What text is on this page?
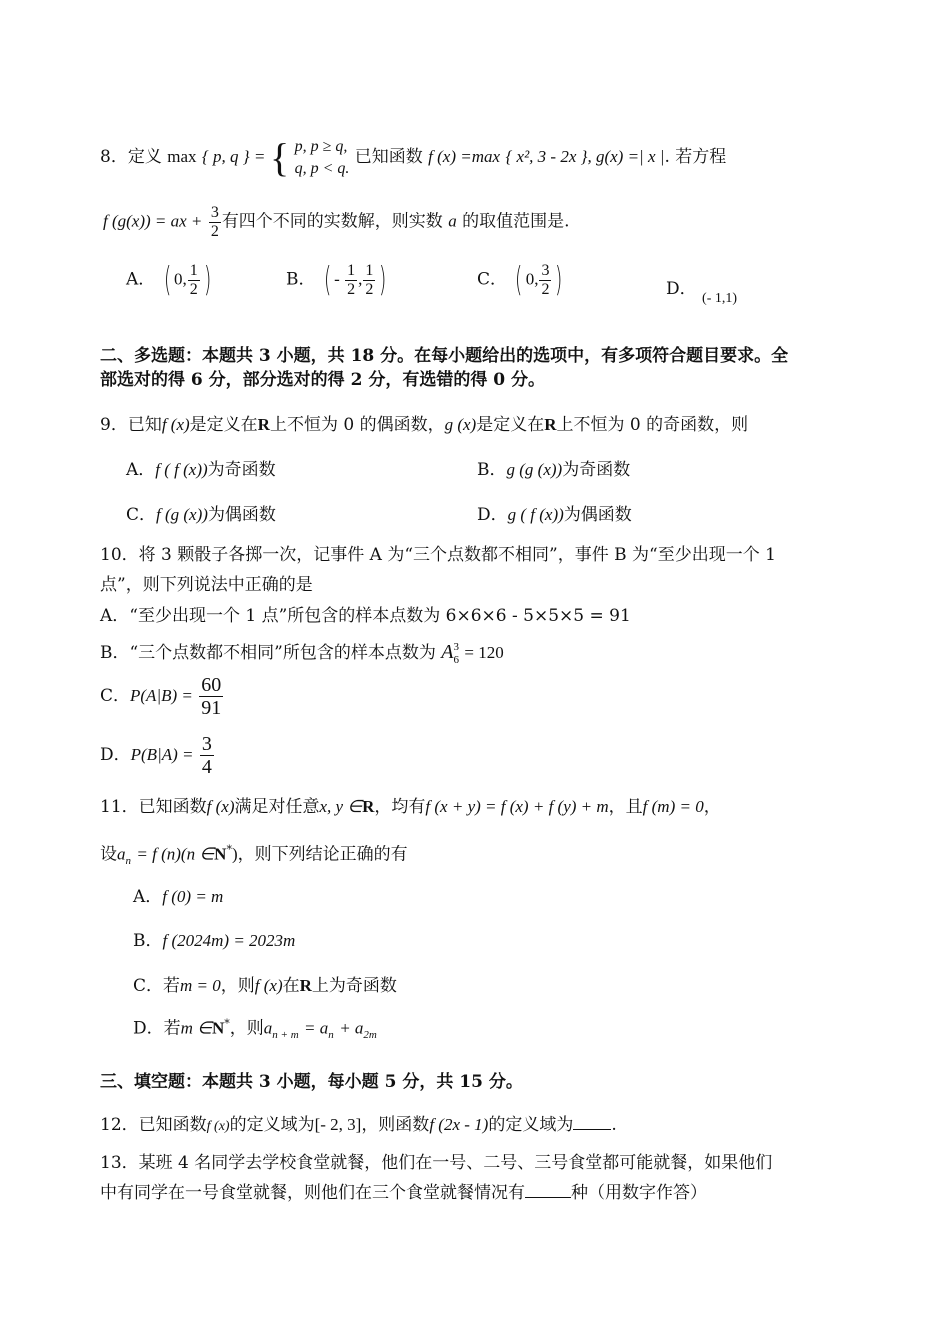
8．定义 max { p, q } = { p, p ≥ q,
q, p < q.
已知函数 f (x) =max { x², 3 - 2x }, g(x) =| x |. 若方程
f (g(x)) = ax + $\frac{3}{2}$ 有四个不同的实数解，则实数 a 的取值范围是.
A． ( 0, $\frac{1}{2}$ )	B． ( - $\frac{1}{2}$ , $\frac{1}{2}$ )	C． ( 0, $\frac{3}{2}$ )	D． $_{(- 1,1)}$
二、多选题：本题共 3 小题，共 18 分。在每小题给出的选项中，有多项符合题目要求。全
部选对的得 6 分，部分选对的得 2 分，有选错的得 0 分。
9．已知f (x)是定义在R上不恒为 0 的偶函数，g (x)是定义在R上不恒为 0 的奇函数，则
A．f ( f (x))为奇函数	B．g (g (x))为奇函数
C．f (g (x))为偶函数	D．g ( f (x))为偶函数
10．将 3 颗骰子各掷一次，记事件 A 为“三个点数都不相同”，事件 B 为“至少出现一个 1
点”，则下列说法中正确的是
A．“至少出现一个 1 点”所包含的样本点数为 6×6×6 - 5×5×5 = 91
B．“三个点数都不相同”所包含的样本点数为 A 3
6 = 120
C．$P(A|B) = \frac{60}{91}$
D．$P(B|A) = \frac{3}{4}$
11．已知函数f (x)满足对任意x, y ∈R，均有f (x + y) = f (x) + f (y) + m，且f (m) = 0，
设$a_n = f$ (n)(n ∈N*)，则下列结论正确的有
A．f (0) = m
B．f (2024m) = 2023m
C．若m = 0，则f (x)在R上为奇函数
D．若m ∈N*，则$a_{n + m} = a_n + a_{2m}$
三、填空题：本题共 3 小题，每小题 5 分，共 15 分。
12．已知函数f (x)的定义域为[- 2, 3]，则函数f (2x - 1)的定义域为 .
13．某班 4 名同学去学校食堂就餐，他们在一号、二号、三号食堂都可能就餐，如果他们
中有同学在一号食堂就餐，则他们在三个食堂就餐情况有	种（用数字作答）
